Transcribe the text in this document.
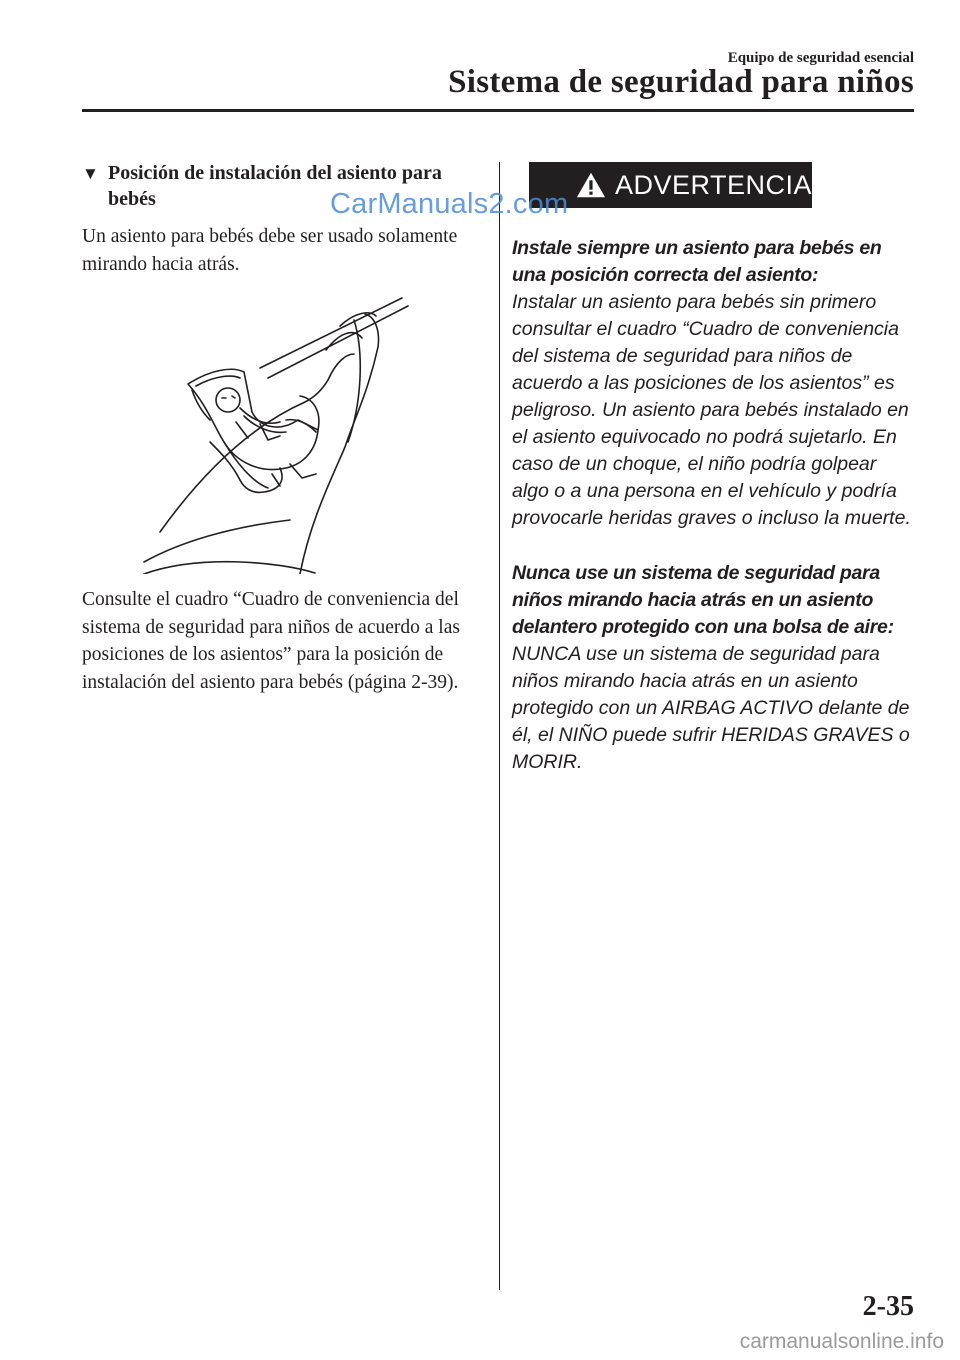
Equipo de seguridad esencial
Sistema de seguridad para niños
▼ Posición de instalación del asiento para bebés

Un asiento para bebés debe ser usado solamente mirando hacia atrás.

Consulte el cuadro “Cuadro de conveniencia del sistema de seguridad para niños de acuerdo a las posiciones de los asientos” para la posición de instalación del asiento para bebés (página 2-39).

ADVERTENCIA

Instale siempre un asiento para bebés en una posición correcta del asiento:

Instalar un asiento para bebés sin primero consultar el cuadro “Cuadro de conveniencia del sistema de seguridad para niños de acuerdo a las posiciones de los asientos” es peligroso. Un asiento para bebés instalado en el asiento equivocado no podrá sujetarlo. En caso de un choque, el niño podría golpear algo o a una persona en el vehículo y podría provocarle heridas graves o incluso la muerte.

Nunca use un sistema de seguridad para niños mirando hacia atrás en un asiento delantero protegido con una bolsa de aire:

NUNCA use un sistema de seguridad para niños mirando hacia atrás en un asiento protegido con un AIRBAG ACTIVO delante de él, el NIÑO puede sufrir HERIDAS GRAVES o MORIR.

CarManuals2.com
2-35
carmanualsonline.info
